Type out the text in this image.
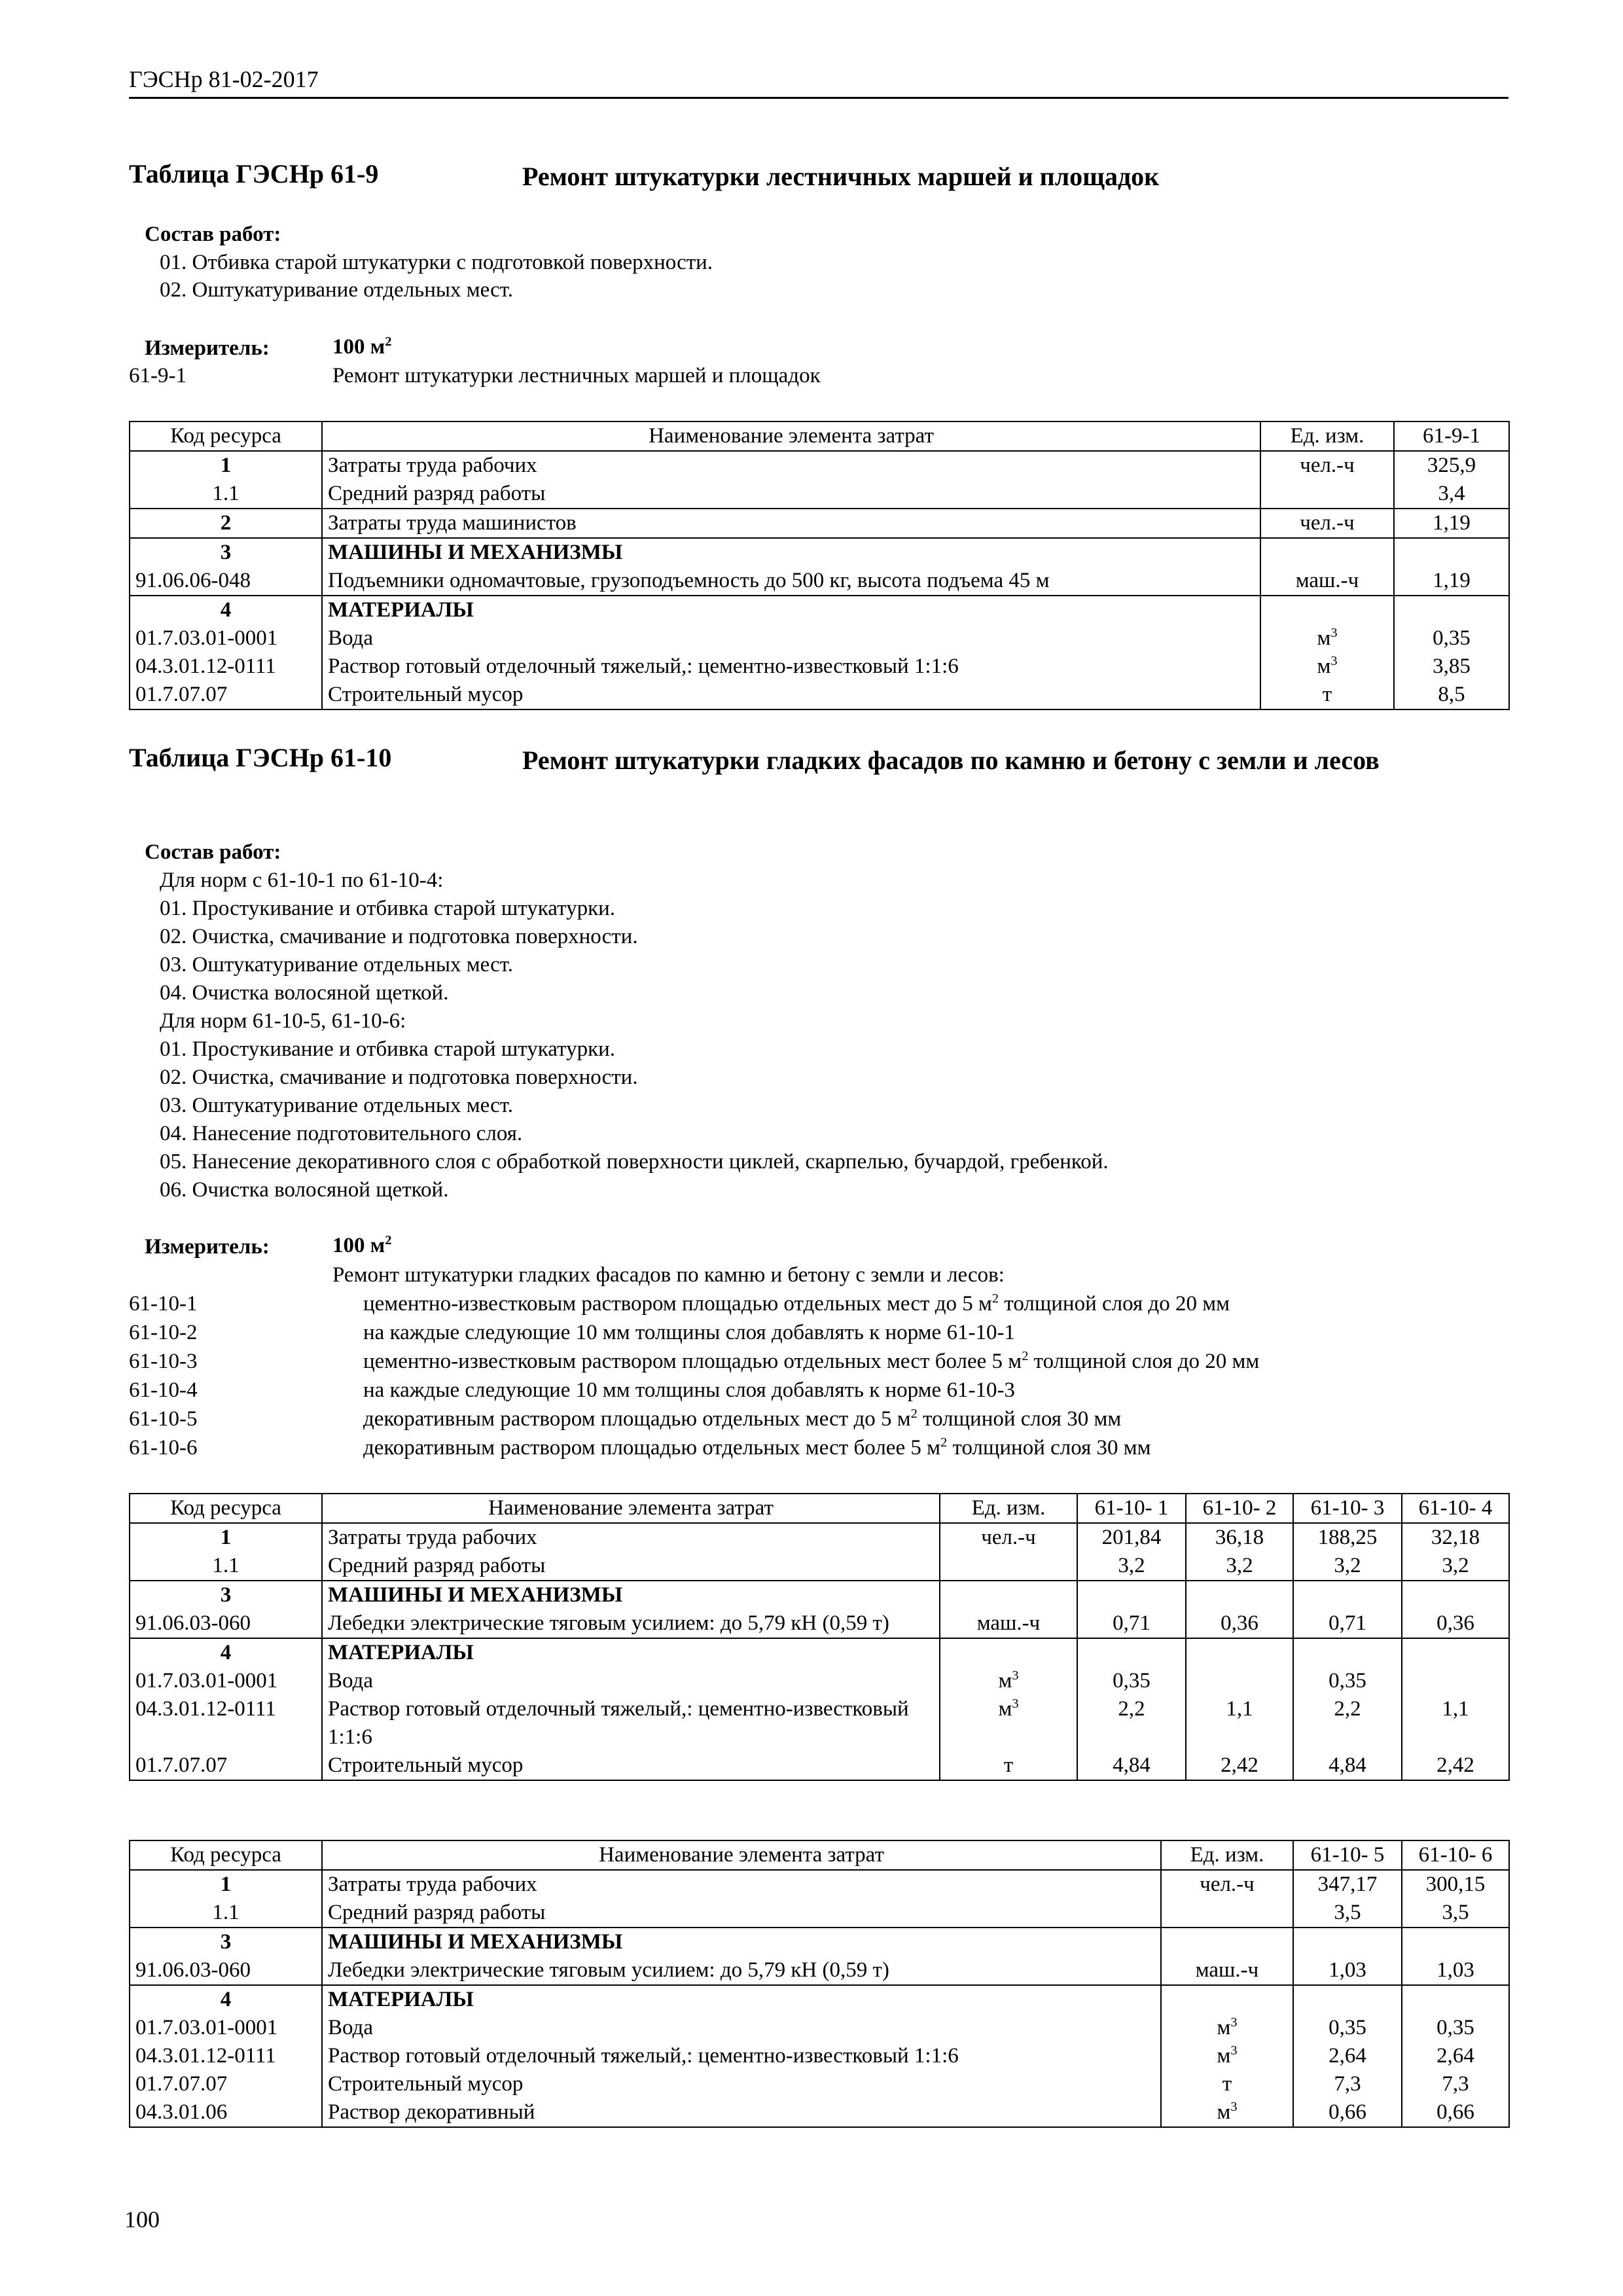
ГЭСНр 81-02-2017
Таблица ГЭСНр 61-9	Ремонт штукатурки лестничных маршей и площадок
Состав работ:
01. Отбивка старой штукатурки с подготовкой поверхности.
02. Оштукатуривание отдельных мест.
Измеритель:	100 $м^2$
61-9-1	Ремонт штукатурки лестничных маршей и площадок
Код ресурса	Наименование элемента затрат	Ед. изм.	61-9-1
1	Затраты труда рабочих	чел.-ч	325,9
1.1	Средний разряд работы		3,4
2	Затраты труда машинистов	чел.-ч	1,19
3	МАШИНЫ И МЕХАНИЗМЫ		
91.06.06-048	Подъемники одномачтовые, грузоподъемность до 500 кг, высота подъема 45 м	маш.-ч	1,19
4	МАТЕРИАЛЫ		
01.7.03.01-0001	Вода	$м^3$	0,35
04.3.01.12-0111	Раствор готовый отделочный тяжелый,: цементно-известковый 1:1:6	$м^3$	3,85
01.7.07.07	Строительный мусор	т	8,5
Таблица ГЭСНр 61-10	Ремонт штукатурки гладких фасадов по камню и бетону с земли и лесов
Состав работ:
Для норм с 61-10-1 по 61-10-4:
01. Простукивание и отбивка старой штукатурки.
02. Очистка, смачивание и подготовка поверхности.
03. Оштукатуривание отдельных мест.
04. Очистка волосяной щеткой.
Для норм 61-10-5, 61-10-6:
01. Простукивание и отбивка старой штукатурки.
02. Очистка, смачивание и подготовка поверхности.
03. Оштукатуривание отдельных мест.
04. Нанесение подготовительного слоя.
05. Нанесение декоративного слоя с обработкой поверхности циклей, скарпелью, бучардой, гребенкой.
06. Очистка волосяной щеткой.
Измеритель:	100 $м^2$
Ремонт штукатурки гладких фасадов по камню и бетону с земли и лесов:
61-10-1	цементно-известковым раствором площадью отдельных мест до 5 $м^2$ толщиной слоя до 20 мм
61-10-2	на каждые следующие 10 мм толщины слоя добавлять к норме 61-10-1
61-10-3	цементно-известковым раствором площадью отдельных мест более 5 $м^2$ толщиной слоя до 20 мм
61-10-4	на каждые следующие 10 мм толщины слоя добавлять к норме 61-10-3
61-10-5	декоративным раствором площадью отдельных мест до 5 $м^2$ толщиной слоя 30 мм
61-10-6	декоративным раствором площадью отдельных мест более 5 $м^2$ толщиной слоя 30 мм
Код ресурса	Наименование элемента затрат	Ед. изм.	61-10- 1	61-10- 2	61-10- 3	61-10- 4
1	Затраты труда рабочих	чел.-ч	201,84	36,18	188,25	32,18
1.1	Средний разряд работы		3,2	3,2	3,2	3,2
3	МАШИНЫ И МЕХАНИЗМЫ					
91.06.03-060	Лебедки электрические тяговым усилием: до 5,79 кН (0,59 т)	маш.-ч	0,71	0,36	0,71	0,36
4	МАТЕРИАЛЫ					
01.7.03.01-0001	Вода	$м^3$	0,35		0,35	
04.3.01.12-0111	Раствор готовый отделочный тяжелый,: цементно-известковый 1:1:6	$м^3$	2,2	1,1	2,2	1,1
01.7.07.07	Строительный мусор	т	4,84	2,42	4,84	2,42
Код ресурса	Наименование элемента затрат	Ед. изм.	61-10- 5	61-10- 6
1	Затраты труда рабочих	чел.-ч	347,17	300,15
1.1	Средний разряд работы		3,5	3,5
3	МАШИНЫ И МЕХАНИЗМЫ			
91.06.03-060	Лебедки электрические тяговым усилием: до 5,79 кН (0,59 т)	маш.-ч	1,03	1,03
4	МАТЕРИАЛЫ			
01.7.03.01-0001	Вода	$м^3$	0,35	0,35
04.3.01.12-0111	Раствор готовый отделочный тяжелый,: цементно-известковый 1:1:6	$м^3$	2,64	2,64
01.7.07.07	Строительный мусор	т	7,3	7,3
04.3.01.06	Раствор декоративный	$м^3$	0,66	0,66
100
